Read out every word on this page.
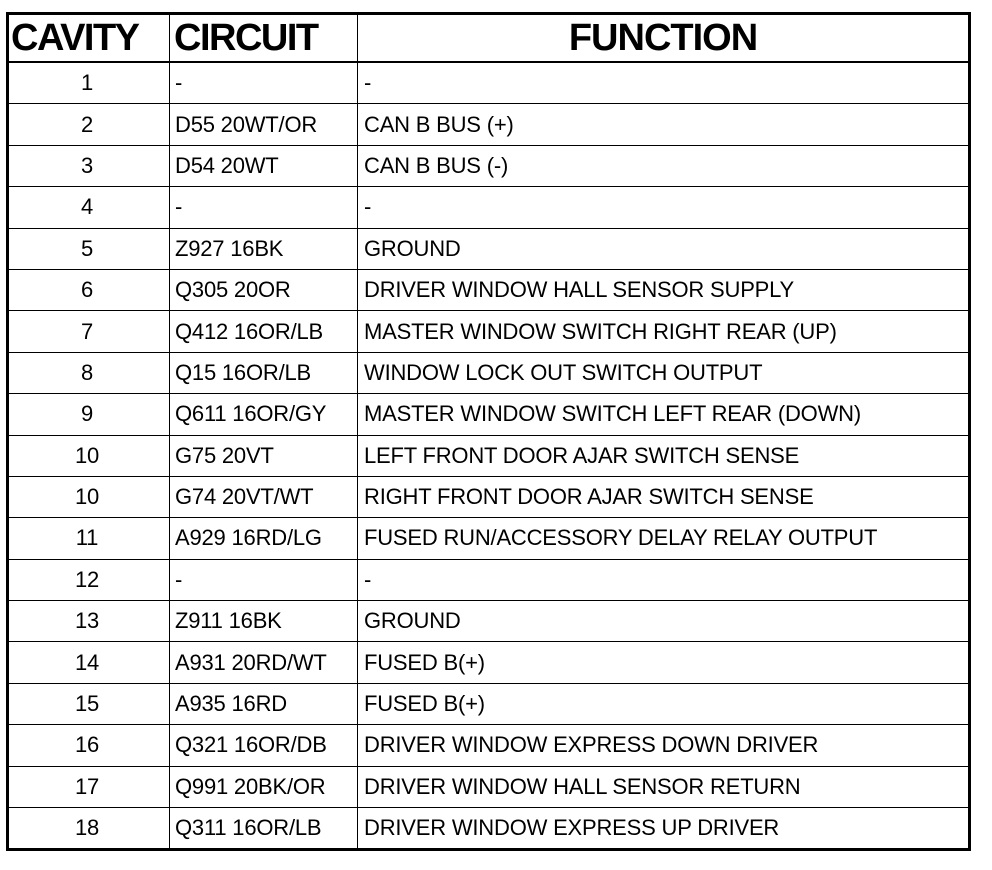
CAVITY	CIRCUIT	FUNCTION
1	-	-
2	D55 20WT/OR	CAN B BUS (+)
3	D54 20WT	CAN B BUS (-)
4	-	-
5	Z927 16BK	GROUND
6	Q305 20OR	DRIVER WINDOW HALL SENSOR SUPPLY
7	Q412 16OR/LB	MASTER WINDOW SWITCH RIGHT REAR (UP)
8	Q15 16OR/LB	WINDOW LOCK OUT SWITCH OUTPUT
9	Q611 16OR/GY	MASTER WINDOW SWITCH LEFT REAR (DOWN)
10	G75 20VT	LEFT FRONT DOOR AJAR SWITCH SENSE
10	G74 20VT/WT	RIGHT FRONT DOOR AJAR SWITCH SENSE
11	A929 16RD/LG	FUSED RUN/ACCESSORY DELAY RELAY OUTPUT
12	-	-
13	Z911 16BK	GROUND
14	A931 20RD/WT	FUSED B(+)
15	A935 16RD	FUSED B(+)
16	Q321 16OR/DB	DRIVER WINDOW EXPRESS DOWN DRIVER
17	Q991 20BK/OR	DRIVER WINDOW HALL SENSOR RETURN
18	Q311 16OR/LB	DRIVER WINDOW EXPRESS UP DRIVER
